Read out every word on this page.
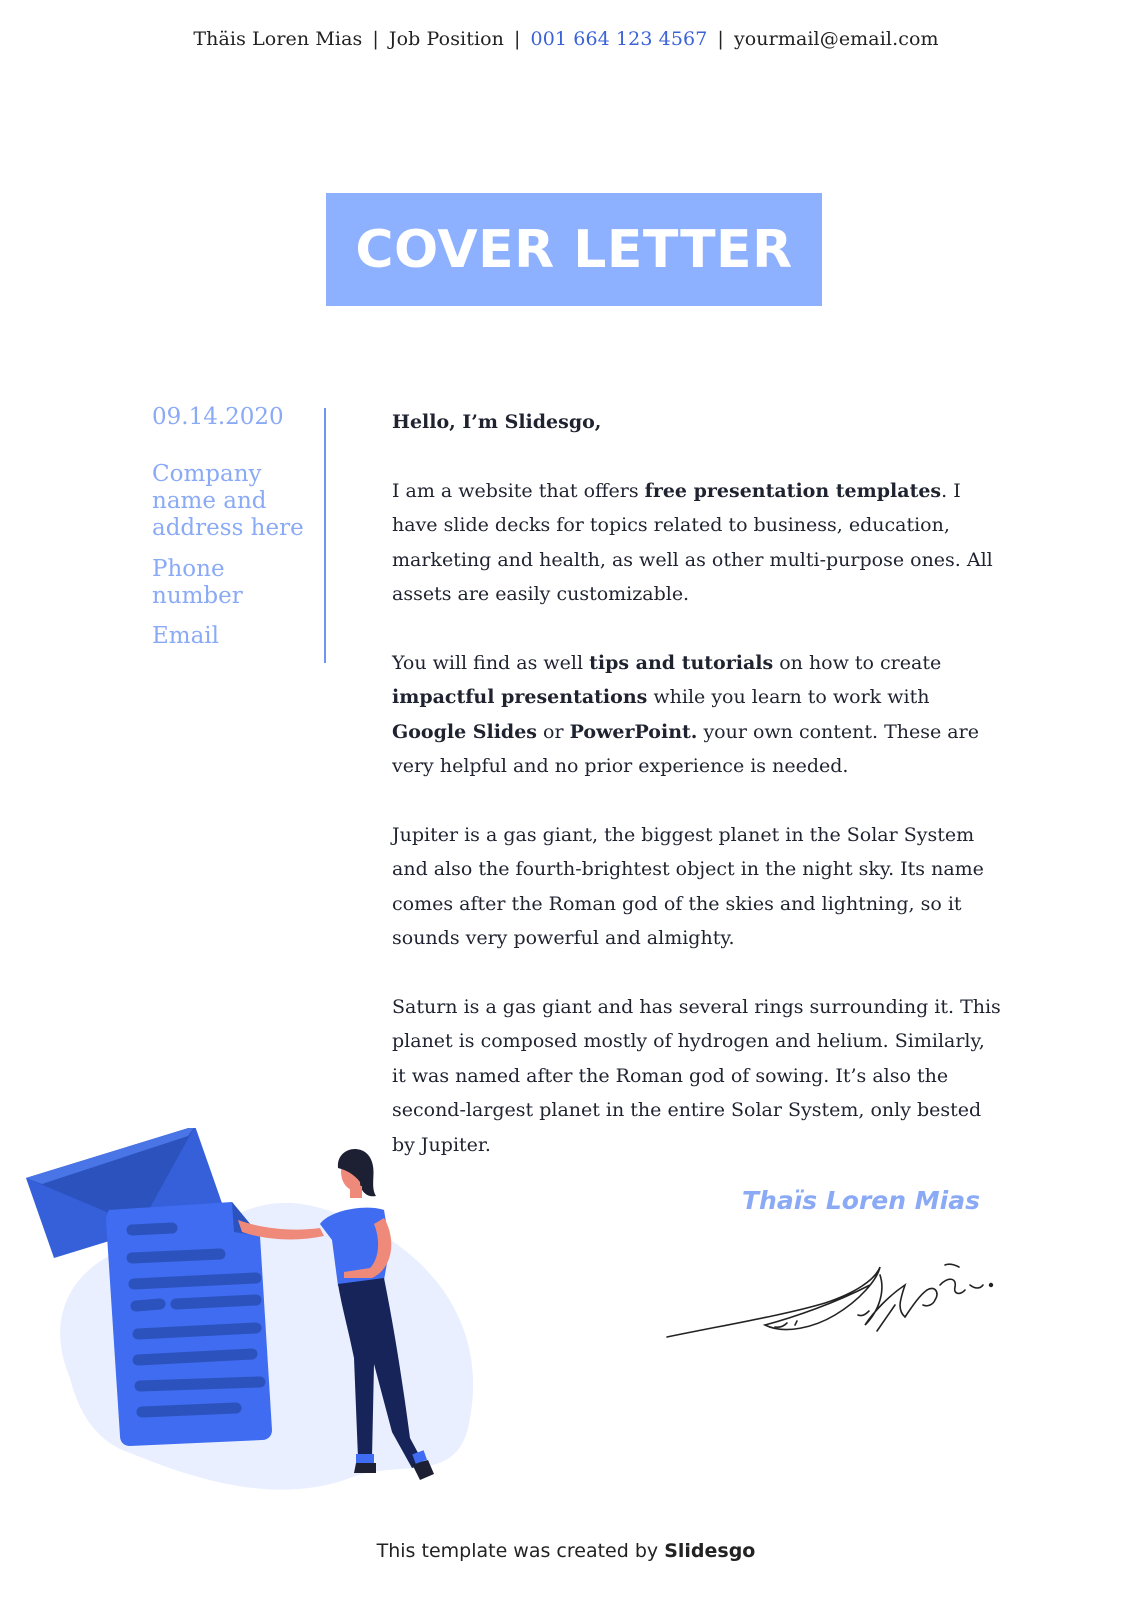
Thäis Loren Mias | Job Position | 001 664 123 4567 | yourmail@email.com
COVER LETTER
09.14.2020
Company name and address here
Phone number
Email
Hello, I’m Slidesgo,

I am a website that offers free presentation templates. I have slide decks for topics related to business, education, marketing and health, as well as other multi-purpose ones. All assets are easily customizable.

You will find as well tips and tutorials on how to create impactful presentations while you learn to work with Google Slides or PowerPoint. your own content. These are very helpful and no prior experience is needed.

Jupiter is a gas giant, the biggest planet in the Solar System and also the fourth-brightest object in the night sky. Its name comes after the Roman god of the skies and lightning, so it sounds very powerful and almighty.

Saturn is a gas giant and has several rings surrounding it. This planet is composed mostly of hydrogen and helium. Similarly, it was named after the Roman god of sowing. It’s also the second-largest planet in the entire Solar System, only bested by Jupiter.

Thaïs Loren Mias
This template was created by Slidesgo
